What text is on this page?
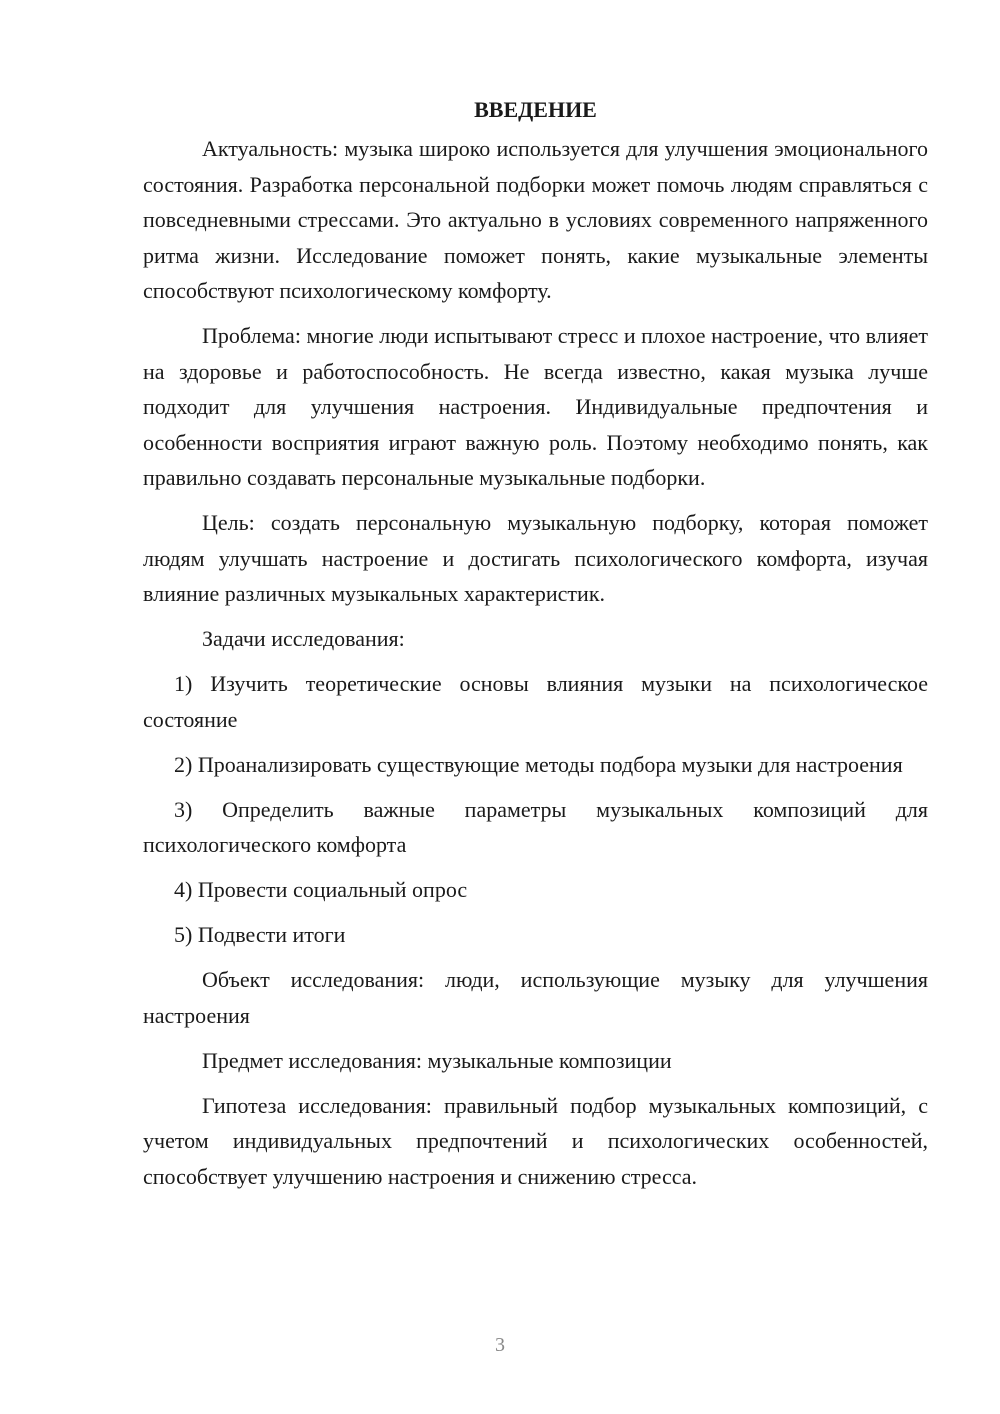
ВВЕДЕНИЕ

Актуальность: музыка широко используется для улучшения эмоционального состояния. Разработка персональной подборки может помочь людям справляться с повседневными стрессами. Это актуально в условиях современного напряженного ритма жизни. Исследование поможет понять, какие музыкальные элементы способствуют психологическому комфорту.

Проблема: многие люди испытывают стресс и плохое настроение, что влияет на здоровье и работоспособность. Не всегда известно, какая музыка лучше подходит для улучшения настроения. Индивидуальные предпочтения и особенности восприятия играют важную роль. Поэтому необходимо понять, как правильно создавать персональные музыкальные подборки.

Цель: создать персональную музыкальную подборку, которая поможет людям улучшать настроение и достигать психологического комфорта, изучая влияние различных музыкальных характеристик.

Задачи исследования:

1) Изучить теоретические основы влияния музыки на психологическое состояние

2) Проанализировать существующие методы подбора музыки для настроения

3) Определить важные параметры музыкальных композиций для психологического комфорта

4) Провести социальный опрос

5) Подвести итоги

Объект исследования: люди, использующие музыку для улучшения настроения

Предмет исследования: музыкальные композиции

Гипотеза исследования: правильный подбор музыкальных композиций, с учетом индивидуальных предпочтений и психологических особенностей, способствует улучшению настроения и снижению стресса.

3
